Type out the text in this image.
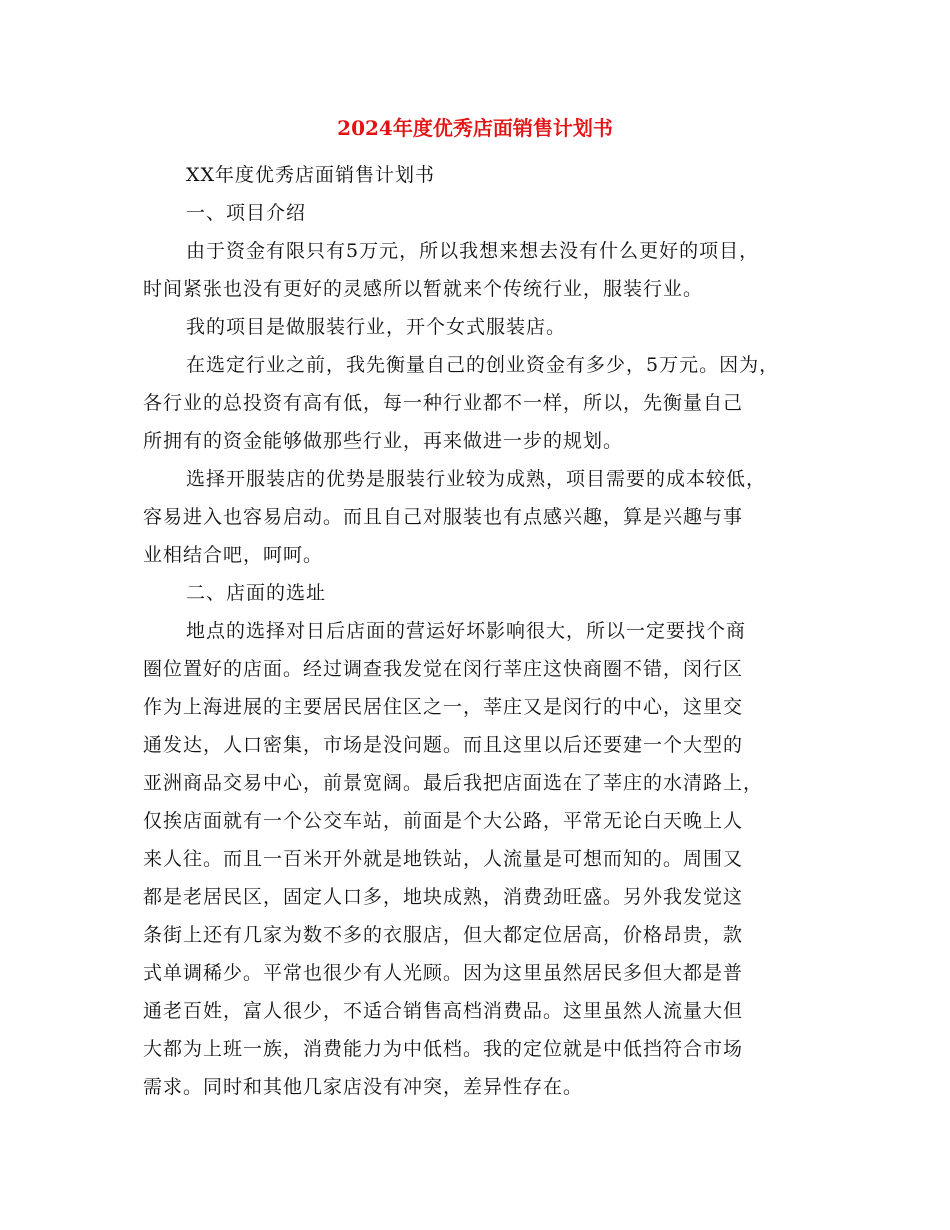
2024年度优秀店面销售计划书
XX年度优秀店面销售计划书
一、项目介绍
由于资金有限只有5万元，所以我想来想去没有什么更好的项目，
时间紧张也没有更好的灵感所以暂就来个传统行业，服装行业。
我的项目是做服装行业，开个女式服装店。
在选定行业之前，我先衡量自己的创业资金有多少，5万元。因为，
各行业的总投资有高有低，每一种行业都不一样，所以，先衡量自己
所拥有的资金能够做那些行业，再来做进一步的规划。
选择开服装店的优势是服装行业较为成熟，项目需要的成本较低，
容易进入也容易启动。而且自己对服装也有点感兴趣，算是兴趣与事
业相结合吧，呵呵。
二、店面的选址
地点的选择对日后店面的营运好坏影响很大，所以一定要找个商
圈位置好的店面。经过调查我发觉在闵行莘庄这快商圈不错，闵行区
作为上海进展的主要居民居住区之一，莘庄又是闵行的中心，这里交
通发达，人口密集，市场是没问题。而且这里以后还要建一个大型的
亚洲商品交易中心，前景宽阔。最后我把店面选在了莘庄的水清路上，
仅挨店面就有一个公交车站，前面是个大公路，平常无论白天晚上人
来人往。而且一百米开外就是地铁站，人流量是可想而知的。周围又
都是老居民区，固定人口多，地块成熟，消费劲旺盛。另外我发觉这
条街上还有几家为数不多的衣服店，但大都定位居高，价格昂贵，款
式单调稀少。平常也很少有人光顾。因为这里虽然居民多但大都是普
通老百姓，富人很少，不适合销售高档消费品。这里虽然人流量大但
大都为上班一族，消费能力为中低档。我的定位就是中低挡符合市场
需求。同时和其他几家店没有冲突，差异性存在。
